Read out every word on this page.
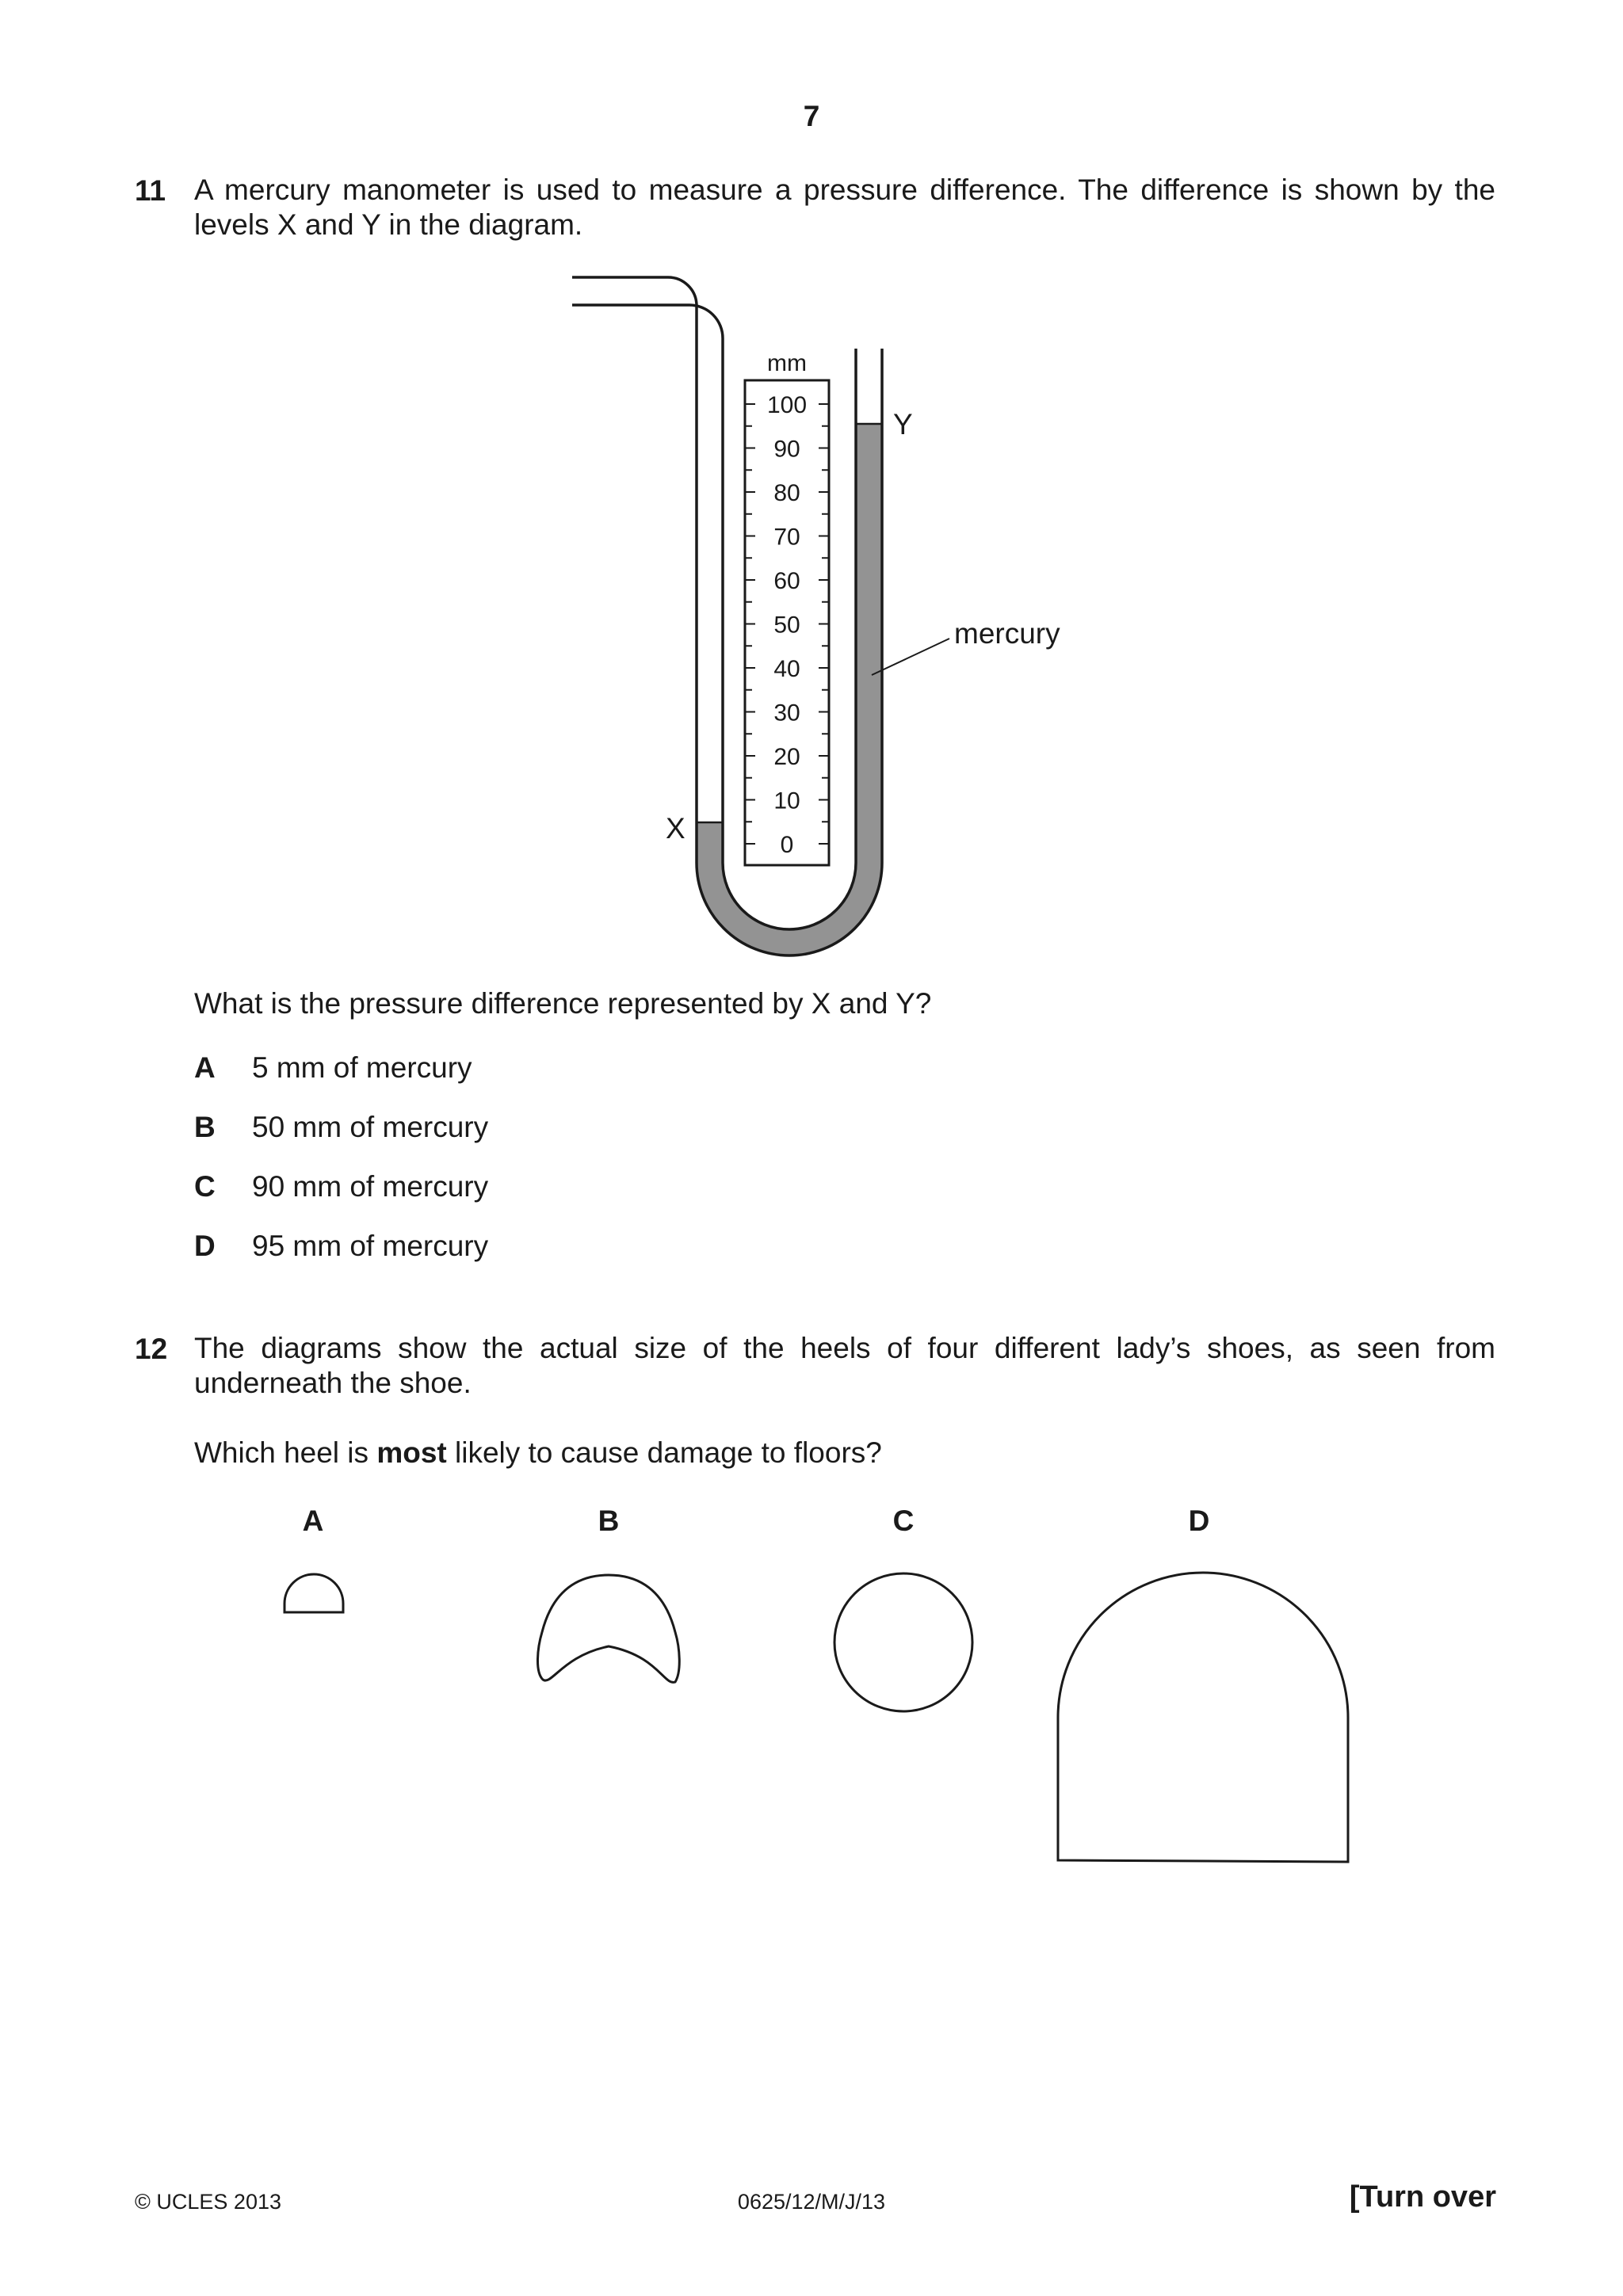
7
11 A mercury manometer is used to measure a pressure difference. The difference is shown by the levels X and Y in the diagram.
mm
100
90
80
70
60
50
40
30
20
10
0
X
Y
mercury
What is the pressure difference represented by X and Y?
A 5 mm of mercury
B 50 mm of mercury
C 90 mm of mercury
D 95 mm of mercury
12 The diagrams show the actual size of the heels of four different lady’s shoes, as seen from underneath the shoe.
Which heel is most likely to cause damage to floors?
A	B	C	D
© UCLES 2013	0625/12/M/J/13	[Turn over
